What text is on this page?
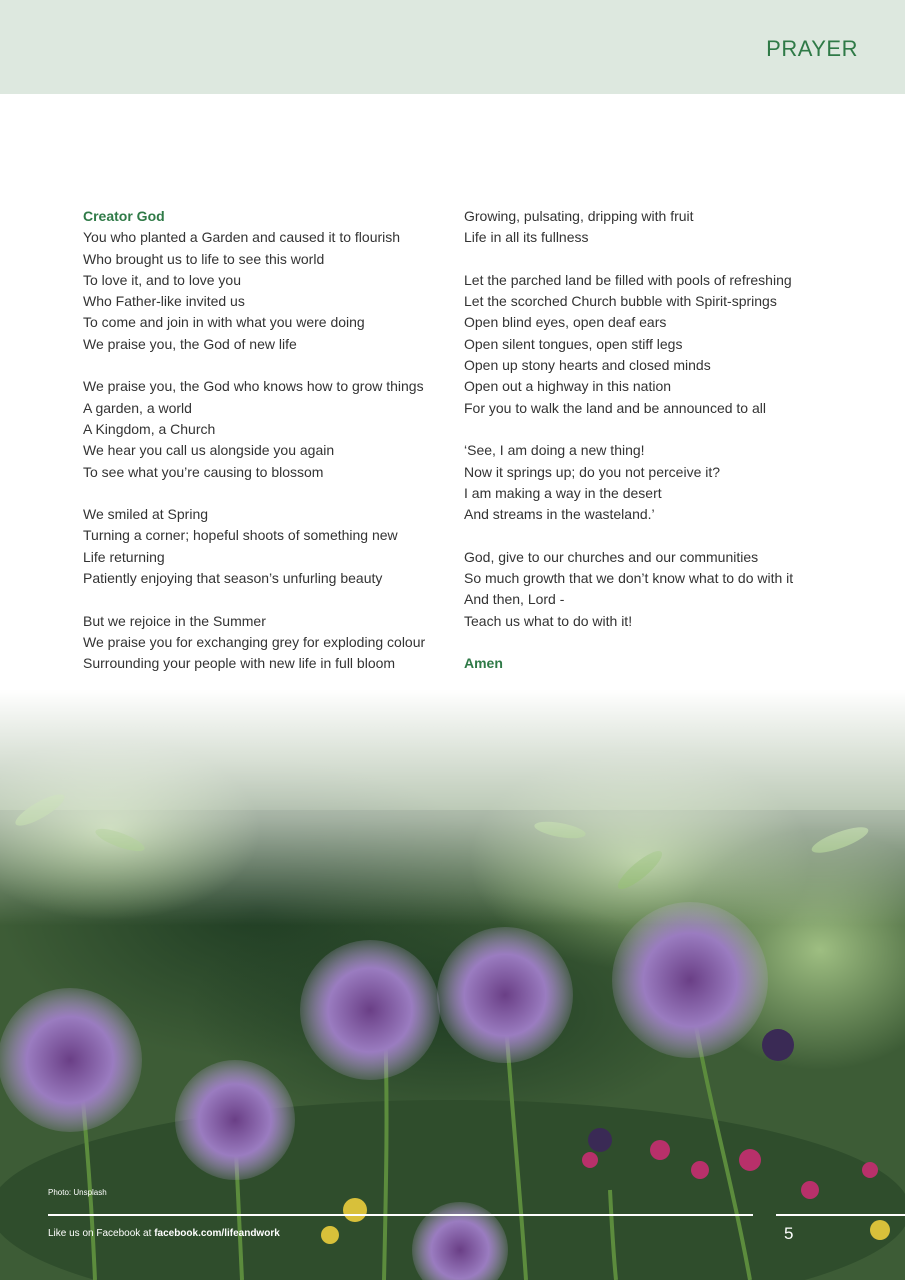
PRAYER
Creator God
You who planted a Garden and caused it to flourish
Who brought us to life to see this world
To love it, and to love you
Who Father-like invited us
To come and join in with what you were doing
We praise you, the God of new life
We praise you, the God who knows how to grow things
A garden, a world
A Kingdom, a Church
We hear you call us alongside you again
To see what you’re causing to blossom
We smiled at Spring
Turning a corner; hopeful shoots of something new
Life returning
Patiently enjoying that season’s unfurling beauty
But we rejoice in the Summer
We praise you for exchanging grey for exploding colour
Surrounding your people with new life in full bloom
Growing, pulsating, dripping with fruit
Life in all its fullness
Let the parched land be filled with pools of refreshing
Let the scorched Church bubble with Spirit-springs
Open blind eyes, open deaf ears
Open silent tongues, open stiff legs
Open up stony hearts and closed minds
Open out a highway in this nation
For you to walk the land and be announced to all
‘See, I am doing a new thing!
Now it springs up; do you not perceive it?
I am making a way in the desert
And streams in the wasteland.’
God, give to our churches and our communities
So much growth that we don’t know what to do with it
And then, Lord -
Teach us what to do with it!
Amen
Photo: Unsplash
Like us on Facebook at facebook.com/lifeandwork	5
